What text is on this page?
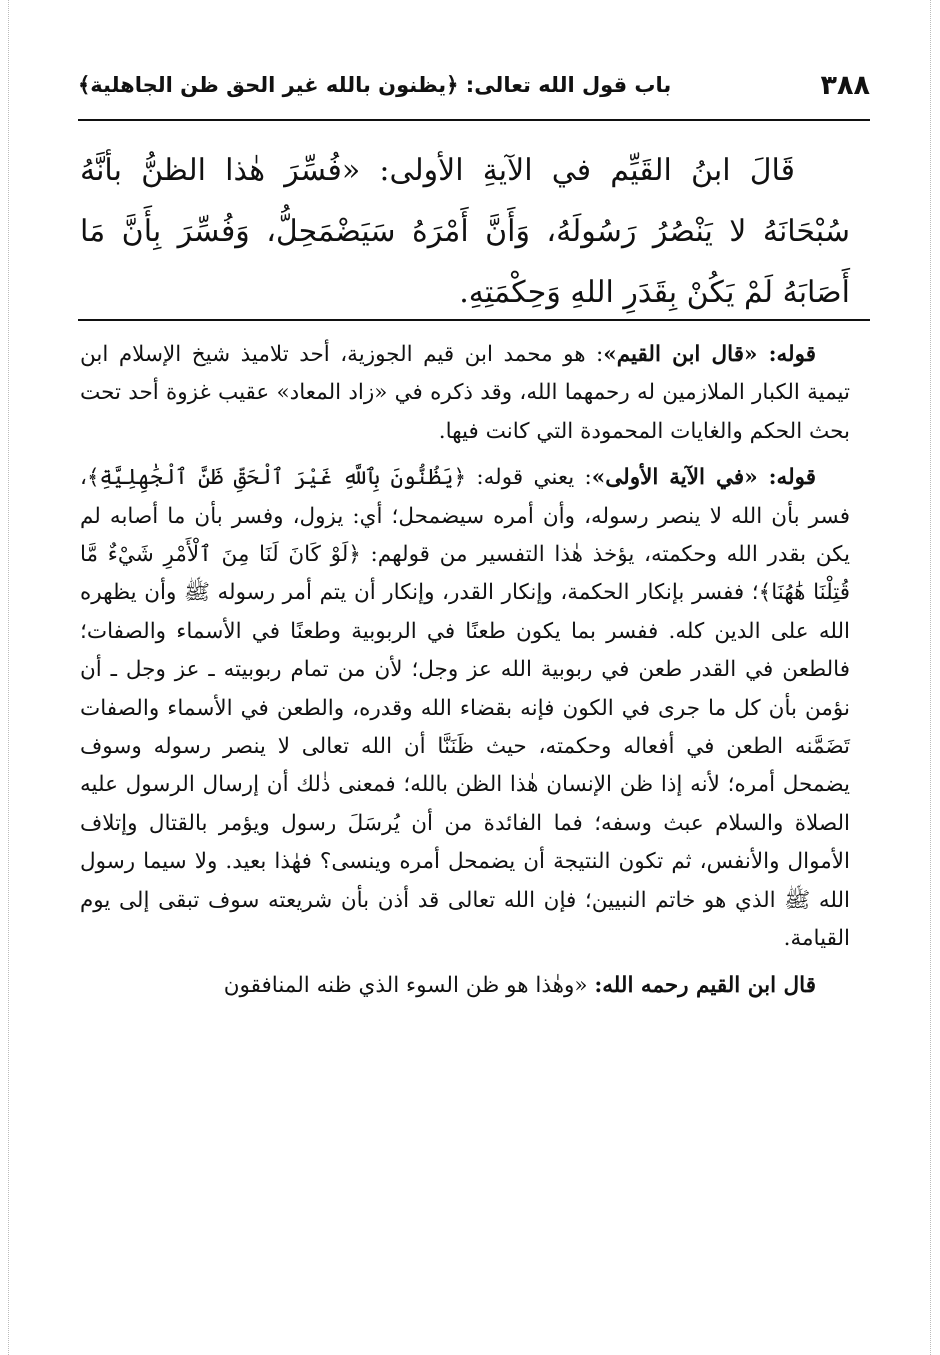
٣٨٨
باب قول الله تعالى: ﴿يظنون بالله غير الحق ظن الجاهلية﴾

قَالَ ابنُ القَيِّم في الآيةِ الأولى: «فُسِّرَ هٰذا الظنُّ بأنَّهُ سُبْحَانَهُ لا يَنْصُرُ رَسُولَهُ، وَأَنَّ أَمْرَهُ سَيَضْمَحِلُّ، وَفُسِّرَ بِأَنَّ مَا أَصَابَهُ لَمْ يَكُنْ بِقَدَرِ اللهِ وَحِكْمَتِهِ.

قوله: «قال ابن القيم»: هو محمد ابن قيم الجوزية، أحد تلاميذ شيخ الإسلام ابن تيمية الكبار الملازمين له رحمهما الله، وقد ذكره في «زاد المعاد» عقيب غزوة أحد تحت بحث الحكم والغايات المحمودة التي كانت فيها.

قوله: «في الآية الأولى»: يعني قوله: ﴿يَظُنُّونَ بِٱللَّهِ غَيْرَ ٱلْحَقِّ ظَنَّ ٱلْجَٰهِلِيَّةِ﴾، فسر بأن الله لا ينصر رسوله، وأن أمره سيضمحل؛ أي: يزول، وفسر بأن ما أصابه لم يكن بقدر الله وحكمته، يؤخذ هٰذا التفسير من قولهم: ﴿لَوْ كَانَ لَنَا مِنَ ٱلْأَمْرِ شَيْءٌ مَّا قُتِلْنَا هَٰهُنَا﴾؛ ففسر بإنكار الحكمة، وإنكار القدر، وإنكار أن يتم أمر رسوله ﷺ وأن يظهره الله على الدين كله. ففسر بما يكون طعنًا في الربوبية وطعنًا في الأسماء والصفات؛ فالطعن في القدر طعن في ربوبية الله عز وجل؛ لأن من تمام ربوبيته ـ عز وجل ـ أن نؤمن بأن كل ما جرى في الكون فإنه بقضاء الله وقدره، والطعن في الأسماء والصفات تَضَمَّنه الطعن في أفعاله وحكمته، حيث ظَنَنَّا أن الله تعالى لا ينصر رسوله وسوف يضمحل أمره؛ لأنه إذا ظن الإنسان هٰذا الظن بالله؛ فمعنى ذٰلك أن إرسال الرسول عليه الصلاة والسلام عبث وسفه؛ فما الفائدة من أن يُرسَلَ رسول ويؤمر بالقتال وإتلاف الأموال والأنفس، ثم تكون النتيجة أن يضمحل أمره وينسى؟ فهٰذا بعيد. ولا سيما رسول الله ﷺ الذي هو خاتم النبيين؛ فإن الله تعالى قد أذن بأن شريعته سوف تبقى إلى يوم القيامة.

قال ابن القيم رحمه الله: «وهٰذا هو ظن السوء الذي ظنه المنافقون
